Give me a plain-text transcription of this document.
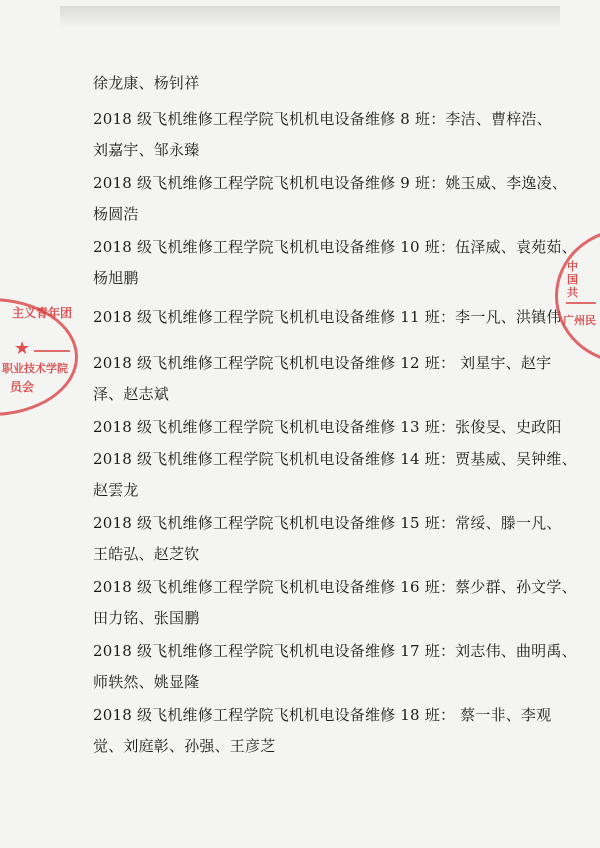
徐龙康、杨钊祥
2018 级飞机维修工程学院飞机机电设备维修 8 班：李洁、曹梓浩、
刘嘉宇、邹永臻
2018 级飞机维修工程学院飞机机电设备维修 9 班：姚玉威、李逸凌、
杨圆浩
2018 级飞机维修工程学院飞机机电设备维修 10 班：伍泽威、袁苑茹、
杨旭鹏
2018 级飞机维修工程学院飞机机电设备维修 11 班：李一凡、洪镇伟
2018 级飞机维修工程学院飞机机电设备维修 12 班： 刘星宇、赵宇
泽、赵志斌
2018 级飞机维修工程学院飞机机电设备维修 13 班：张俊旻、史政阳
2018 级飞机维修工程学院飞机机电设备维修 14 班：贾基威、吴钟维、
赵雲龙
2018 级飞机维修工程学院飞机机电设备维修 15 班：常绥、滕一凡、
王皓弘、赵芝钦
2018 级飞机维修工程学院飞机机电设备维修 16 班：蔡少群、孙文学、
田力铭、张国鹏
2018 级飞机维修工程学院飞机机电设备维修 17 班：刘志伟、曲明禹、
师轶然、姚显隆
2018 级飞机维修工程学院飞机机电设备维修 18 班： 蔡一非、李观
觉、刘庭彰、孙强、王彦芝
主义青年团
★
职业技术学院
员会
中国共
广州民
